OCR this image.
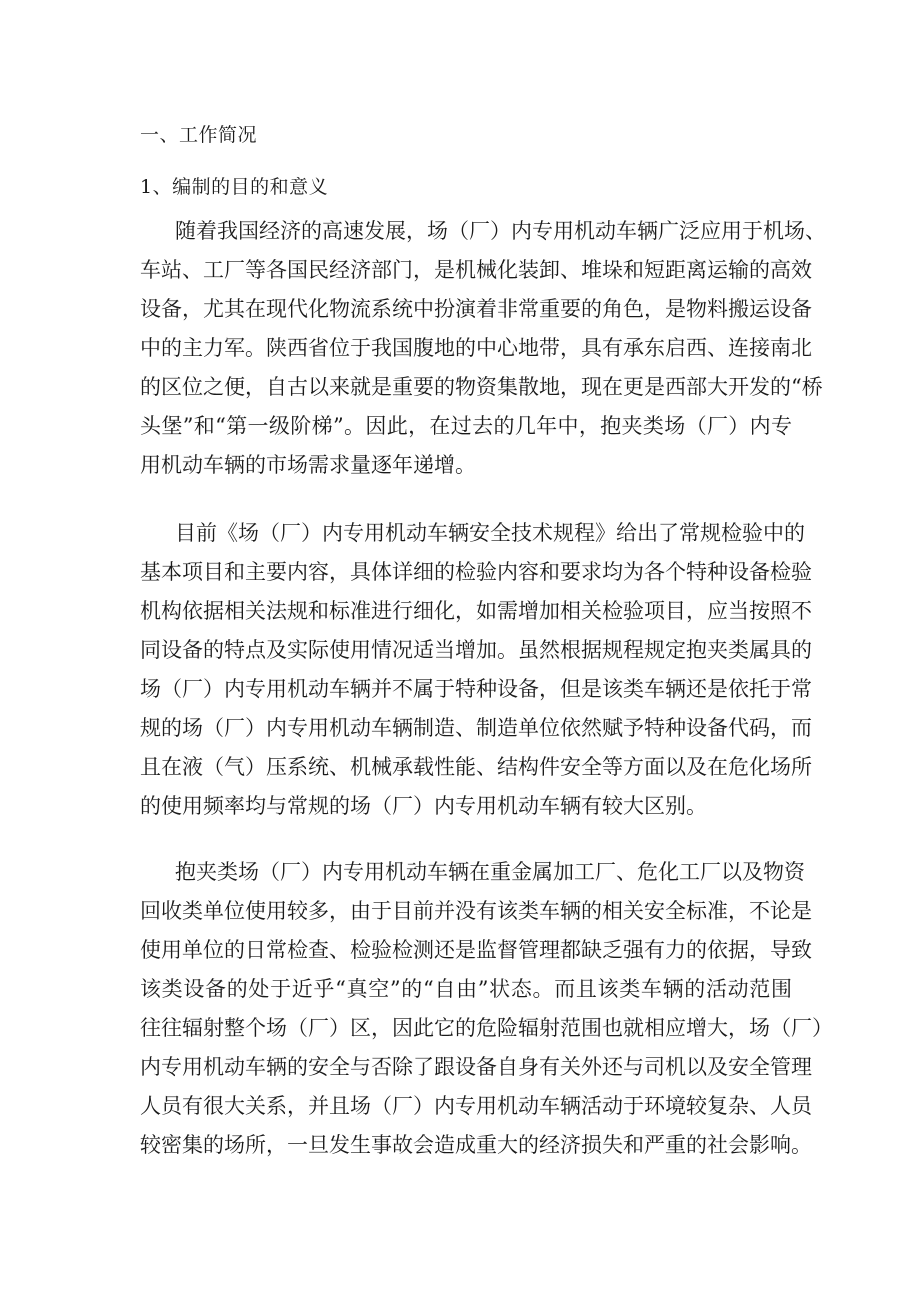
一、工作简况
1、编制的目的和意义
随着我国经济的高速发展，场（厂）内专用机动车辆广泛应用于机场、
车站、工厂等各国民经济部门，是机械化装卸、堆垛和短距离运输的高效
设备，尤其在现代化物流系统中扮演着非常重要的角色，是物料搬运设备
中的主力军。陕西省位于我国腹地的中心地带，具有承东启西、连接南北
的区位之便，自古以来就是重要的物资集散地，现在更是西部大开发的“桥
头堡”和“第一级阶梯”。因此，在过去的几年中，抱夹类场（厂）内专
用机动车辆的市场需求量逐年递增。
目前《场（厂）内专用机动车辆安全技术规程》给出了常规检验中的
基本项目和主要内容，具体详细的检验内容和要求均为各个特种设备检验
机构依据相关法规和标准进行细化，如需增加相关检验项目，应当按照不
同设备的特点及实际使用情况适当增加。虽然根据规程规定抱夹类属具的
场（厂）内专用机动车辆并不属于特种设备，但是该类车辆还是依托于常
规的场（厂）内专用机动车辆制造、制造单位依然赋予特种设备代码，而
且在液（气）压系统、机械承载性能、结构件安全等方面以及在危化场所
的使用频率均与常规的场（厂）内专用机动车辆有较大区别。
抱夹类场（厂）内专用机动车辆在重金属加工厂、危化工厂以及物资
回收类单位使用较多，由于目前并没有该类车辆的相关安全标准，不论是
使用单位的日常检查、检验检测还是监督管理都缺乏强有力的依据，导致
该类设备的处于近乎“真空”的“自由”状态。而且该类车辆的活动范围
往往辐射整个场（厂）区，因此它的危险辐射范围也就相应增大，场（厂）
内专用机动车辆的安全与否除了跟设备自身有关外还与司机以及安全管理
人员有很大关系，并且场（厂）内专用机动车辆活动于环境较复杂、人员
较密集的场所，一旦发生事故会造成重大的经济损失和严重的社会影响。
